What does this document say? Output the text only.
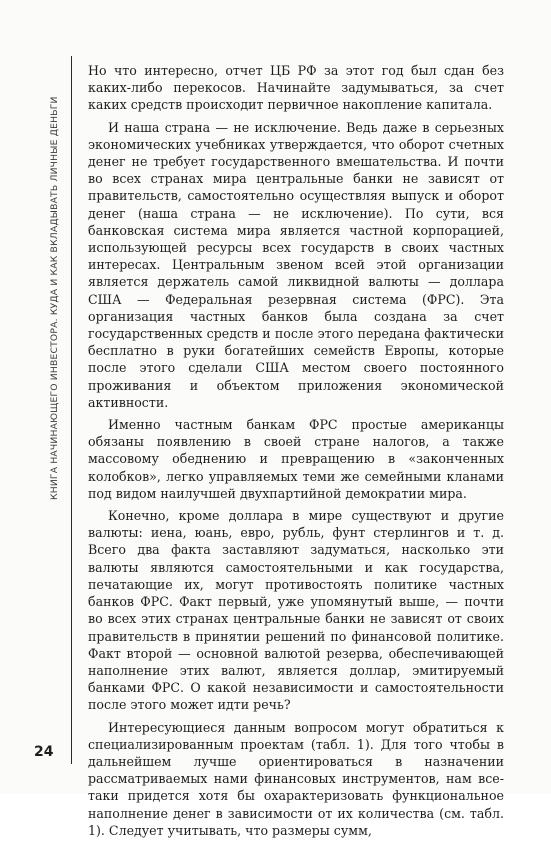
КНИГА НАЧИНАЮЩЕГО ИНВЕСТОРА. КУДА И КАК ВКЛАДЫВАТЬ ЛИЧНЫЕ ДЕНЬГИ

Но что интересно, отчет ЦБ РФ за этот год был сдан без каких-либо перекосов. Начинайте задумываться, за счет каких средств происходит первичное накопление капитала.

И наша страна — не исключение. Ведь даже в серьезных экономических учебниках утверждается, что оборот счетных денег не требует государственного вмешательства. И почти во всех странах мира центральные банки не зависят от правительств, самостоятельно осуществляя выпуск и оборот денег (наша страна — не исключение). По сути, вся банковская система мира является частной корпорацией, использующей ресурсы всех государств в своих частных интересах. Центральным звеном всей этой организации является держатель самой ликвидной валюты — доллара США — Федеральная резервная система (ФРС). Эта организация частных банков была создана за счет государственных средств и после этого передана фактически бесплатно в руки богатейших семейств Европы, которые после этого сделали США местом своего постоянного проживания и объектом приложения экономической активности.

Именно частным банкам ФРС простые американцы обязаны появлению в своей стране налогов, а также массовому обеднению и превращению в «законченных колобков», легко управляемых теми же семейными кланами под видом наилучшей двухпартийной демократии мира.

Конечно, кроме доллара в мире существуют и другие валюты: иена, юань, евро, рубль, фунт стерлингов и т. д. Всего два факта заставляют задуматься, насколько эти валюты являются самостоятельными и как государства, печатающие их, могут противостоять политике частных банков ФРС. Факт первый, уже упомянутый выше, — почти во всех этих странах центральные банки не зависят от своих правительств в принятии решений по финансовой политике. Факт второй — основной валютой резерва, обеспечивающей наполнение этих валют, является доллар, эмитируемый банками ФРС. О какой независимости и самостоятельности после этого может идти речь?

Интересующиеся данным вопросом могут обратиться к специализированным проектам (табл. 1). Для того чтобы в дальнейшем лучше ориентироваться в назначении рассматриваемых нами финансовых инструментов, нам все-таки придется хотя бы охарактеризовать функциональное наполнение денег в зависимости от их количества (см. табл. 1). Следует учитывать, что размеры сумм,

24
